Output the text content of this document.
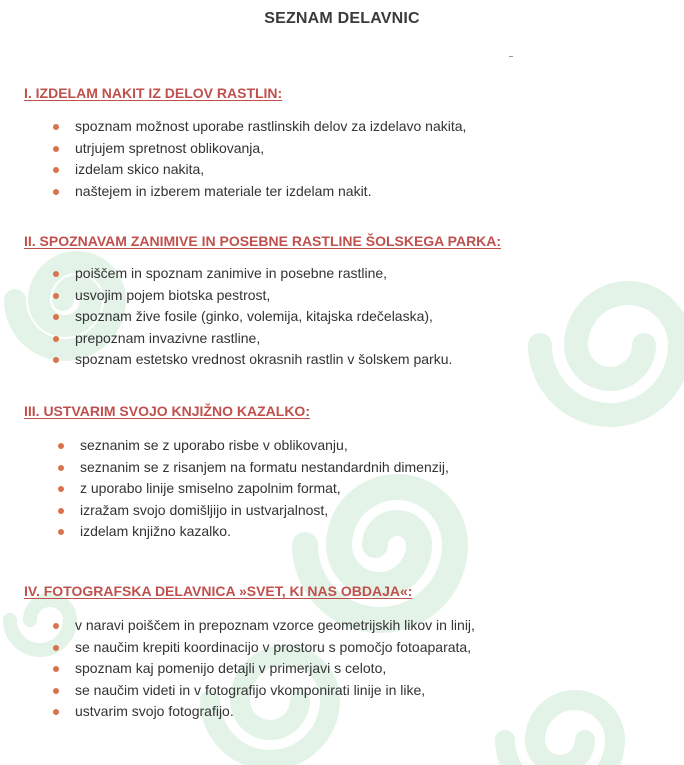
SEZNAM DELAVNIC
I. IZDELAM NAKIT IZ DELOV RASTLIN:
spoznam možnost uporabe rastlinskih delov za izdelavo nakita,
utrjujem spretnost oblikovanja,
izdelam skico nakita,
naštejem in izberem materiale ter izdelam nakit.
II. SPOZNAVAM ZANIMIVE IN POSEBNE RASTLINE ŠOLSKEGA PARKA:
poiščem in spoznam zanimive in posebne rastline,
usvojim pojem biotska pestrost,
spoznam žive fosile (ginko, volemija, kitajska rdečelaska),
prepoznam invazivne rastline,
spoznam estetsko vrednost okrasnih rastlin v šolskem parku.
III. USTVARIM SVOJO KNJIŽNO KAZALKO:
seznanim se z uporabo risbe v oblikovanju,
seznanim se z risanjem na formatu nestandardnih dimenzij,
z uporabo linije smiselno zapolnim format,
izražam svojo domišljijo in ustvarjalnost,
izdelam knjižno kazalko.
IV. FOTOGRAFSKA DELAVNICA »SVET, KI NAS OBDAJA«:
v naravi poiščem in prepoznam vzorce geometrijskih likov in linij,
se naučim krepiti koordinacijo v prostoru s pomočjo fotoaparata,
spoznam kaj pomenijo detajli v primerjavi s celoto,
se naučim videti in v fotografijo vkomponirati linije in like,
ustvarim svojo fotografijo.
